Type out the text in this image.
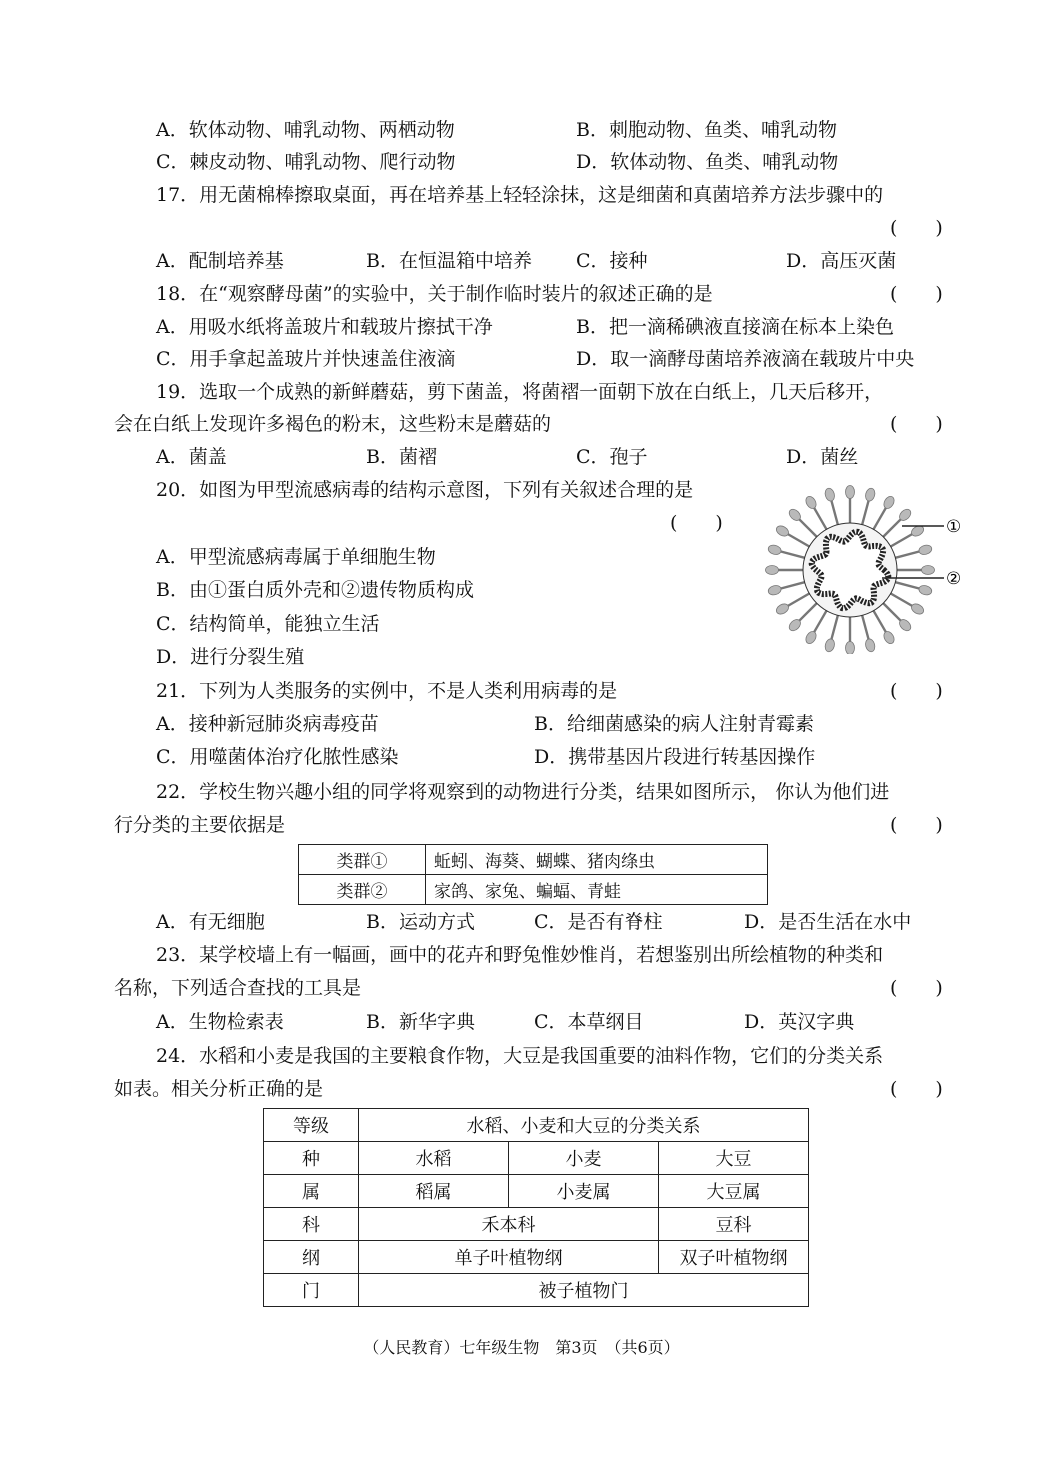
A．软体动物、哺乳动物、两栖动物	B．刺胞动物、鱼类、哺乳动物
C．棘皮动物、哺乳动物、爬行动物	D．软体动物、鱼类、哺乳动物
17．用无菌棉棒擦取桌面，再在培养基上轻轻涂抹，这是细菌和真菌培养方法步骤中的
(　　)
A．配制培养基	B．在恒温箱中培养 C．接种	D．高压灭菌
18．在“观察酵母菌”的实验中，关于制作临时装片的叙述正确的是	(　　)
A．用吸水纸将盖玻片和载玻片擦拭干净	B．把一滴稀碘液直接滴在标本上染色
C．用手拿起盖玻片并快速盖住液滴	D．取一滴酵母菌培养液滴在载玻片中央
19．选取一个成熟的新鲜蘑菇，剪下菌盖，将菌褶一面朝下放在白纸上，几天后移开，
会在白纸上发现许多褐色的粉末，这些粉末是蘑菇的	(　　)
A．菌盖	B．菌褶	C．孢子	D．菌丝
20．如图为甲型流感病毒的结构示意图，下列有关叙述合理的是
(　　)
A．甲型流感病毒属于单细胞生物
B．由①蛋白质外壳和②遗传物质构成
C．结构简单，能独立生活
D．进行分裂生殖
①
②
21．下列为人类服务的实例中，不是人类利用病毒的是	(　　)
A．接种新冠肺炎病毒疫苗	B．给细菌感染的病人注射青霉素
C．用噬菌体治疗化脓性感染	D．携带基因片段进行转基因操作
22．学校生物兴趣小组的同学将观察到的动物进行分类，结果如图所示， 你认为他们进
行分类的主要依据是	(　　)
类群①	蚯蚓、海葵、蝴蝶、猪肉绦虫
类群②	家鸽、家兔、蝙蝠、青蛙
A．有无细胞	B．运动方式	C．是否有脊柱	D．是否生活在水中
23．某学校墙上有一幅画，画中的花卉和野兔惟妙惟肖，若想鉴别出所绘植物的种类和
名称，下列适合查找的工具是	(　　)
A．生物检索表	B．新华字典	C．本草纲目	D．英汉字典
24．水稻和小麦是我国的主要粮食作物，大豆是我国重要的油料作物，它们的分类关系
如表。相关分析正确的是	(　　)
等级	水稻、小麦和大豆的分类关系		
种	水稻	小麦	大豆
属	稻属	小麦属	大豆属
科	禾本科		豆科
纲	单子叶植物纲		双子叶植物纲
门	被子植物门		
（人民教育）七年级生物　第3页　（共6页）
